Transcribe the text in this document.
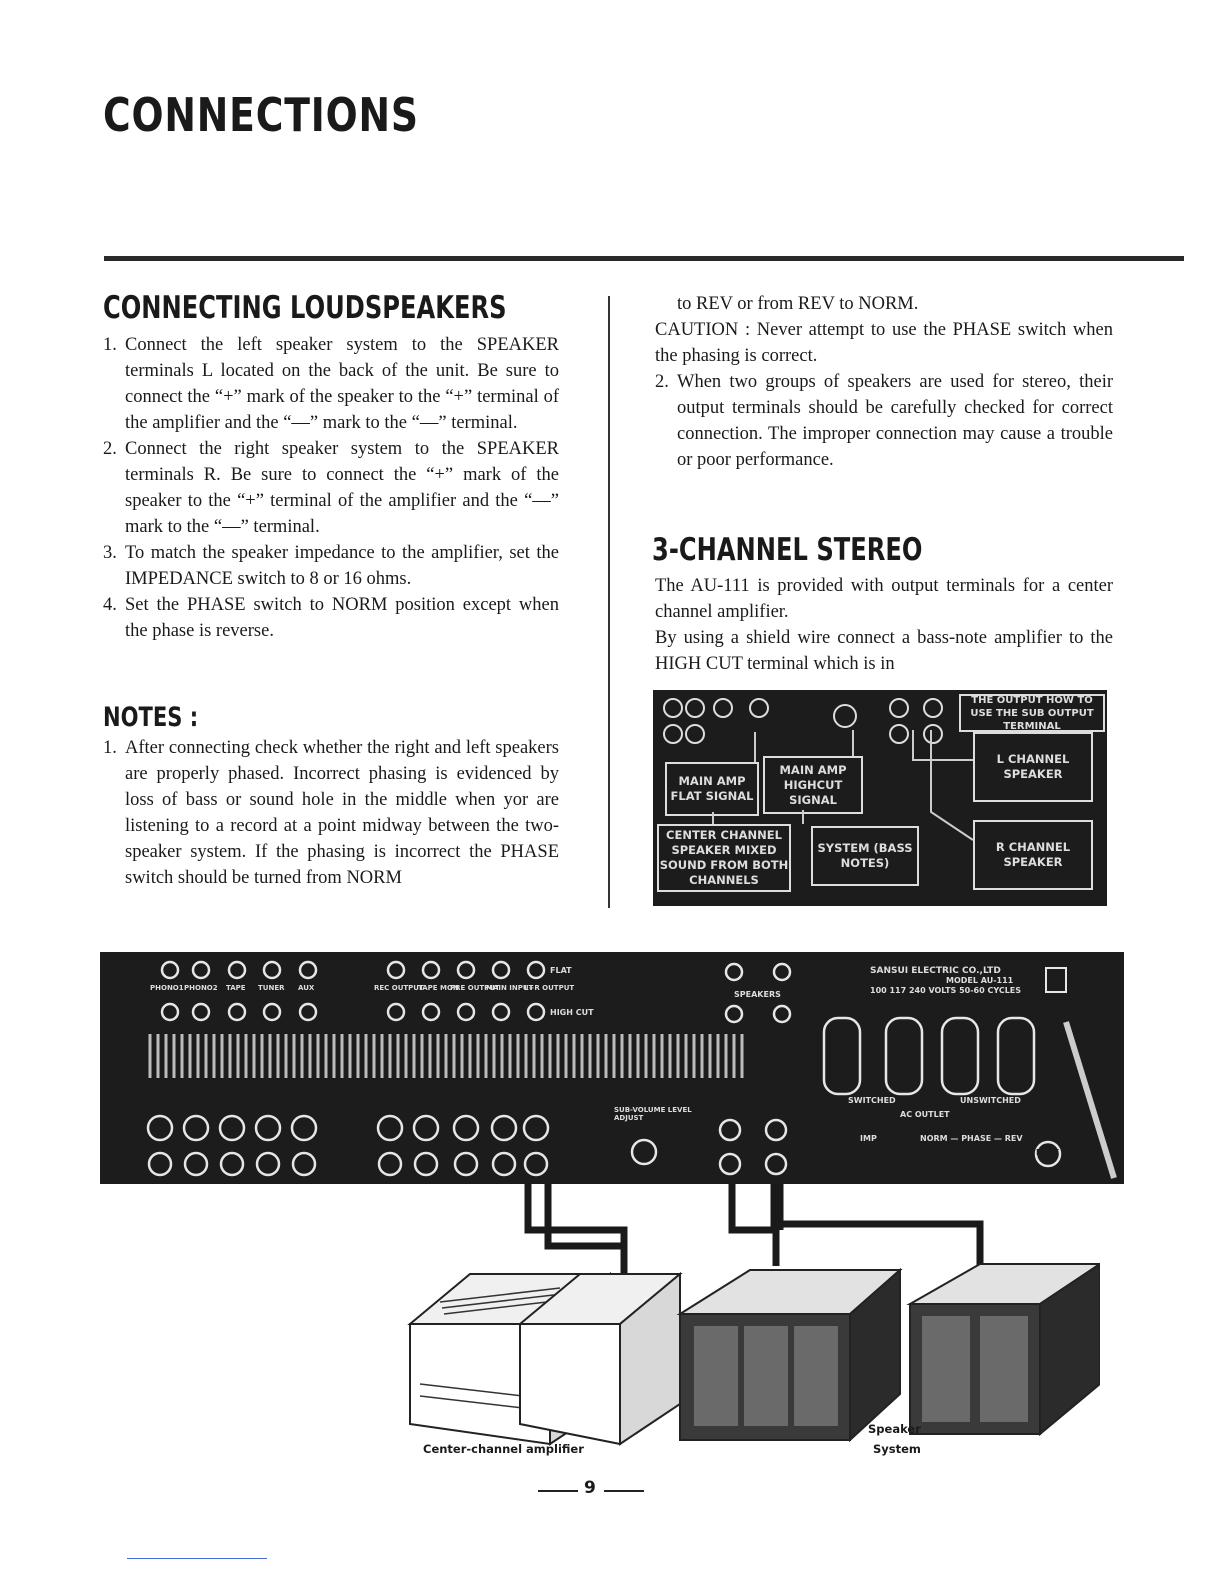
CONNECTIONS
CONNECTING LOUDSPEAKERS
1. Connect the left speaker system to the SPEAKER terminals L located on the back of the unit. Be sure to connect the “+” mark of the speaker to the “+” terminal of the amplifier and the “—” mark to the “—” terminal.
2. Connect the right speaker system to the SPEAKER terminals R. Be sure to connect the “+” mark of the speaker to the “+” terminal of the amplifier and the “—” mark to the “—” terminal.
3. To match the speaker impedance to the amplifier, set the IMPEDANCE switch to 8 or 16 ohms.
4. Set the PHASE switch to NORM position except when the phase is reverse.
NOTES :
1. After connecting check whether the right and left speakers are properly phased. Incorrect phasing is evidenced by loss of bass or sound hole in the middle when yor are listening to a record at a point midway between the two-speaker system. If the phasing is incorrect the PHASE switch should be turned from NORM

to REV or from REV to NORM.

CAUTION : Never attempt to use the PHASE switch when the phasing is correct.

2. When two groups of speakers are used for stereo, their output terminals should be carefully checked for correct connection. The improper connection may cause a trouble or poor performance.
3-CHANNEL STEREO

The AU-111 is provided with output terminals for a center channel amplifier.

By using a shield wire connect a bass-note amplifier to the HIGH CUT terminal which is in

THE OUTPUT HOW TO USE THE SUB OUTPUT TERMINAL
MAIN AMP FLAT SIGNAL
MAIN AMP HIGHCUT SIGNAL
L CHANNEL SPEAKER
CENTER CHANNEL SPEAKER MIXED SOUND FROM BOTH CHANNELS
SYSTEM (BASS NOTES)
R CHANNEL SPEAKER
SANSUI ELECTRIC CO.,LTD
MODEL AU-111
100 117 240 VOLTS 50-60 CYCLES
PHONO1 PHONO2 TAPE TUNER AUX	REC OUTPUT
TAPE MON
PRE OUTPUT
MAIN INPUT
L+R OUTPUT
FLAT
HIGH CUT
SPEAKERS
SUB-VOLUME LEVEL ADJUST
SWITCHED	UNSWITCHED
AC OUTLET
IMP	NORM — PHASE — REV
FUSE
Center-channel amplifier
Speaker
System
9
